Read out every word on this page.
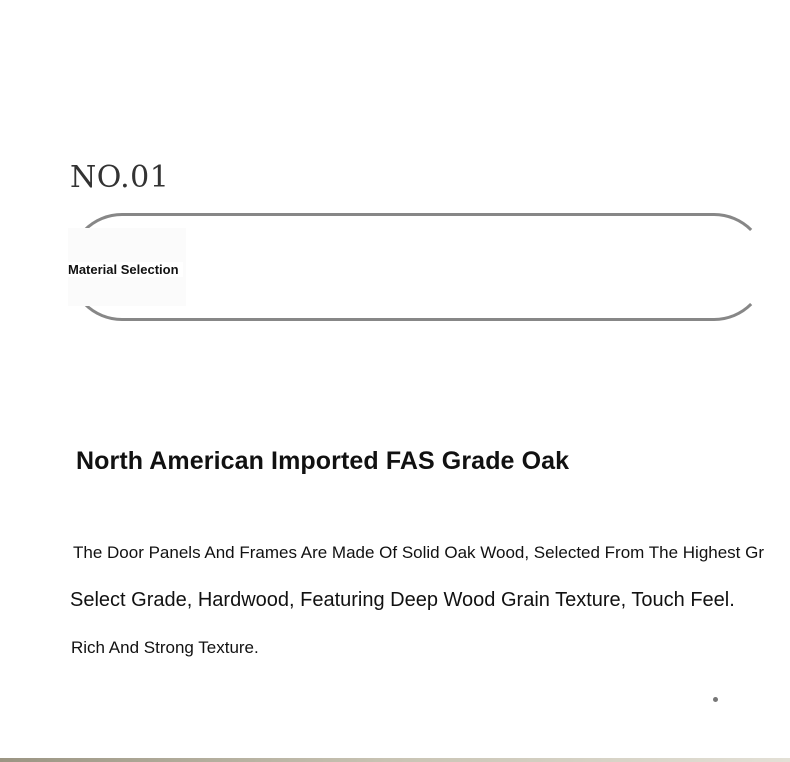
NO.01
Material Selection
North American Imported FAS Grade Oak
The Door Panels And Frames Are Made Of Solid Oak Wood, Selected From The Highest Gr
Select Grade, Hardwood, Featuring Deep Wood Grain Texture, Touch Feel.
Rich And Strong Texture.
